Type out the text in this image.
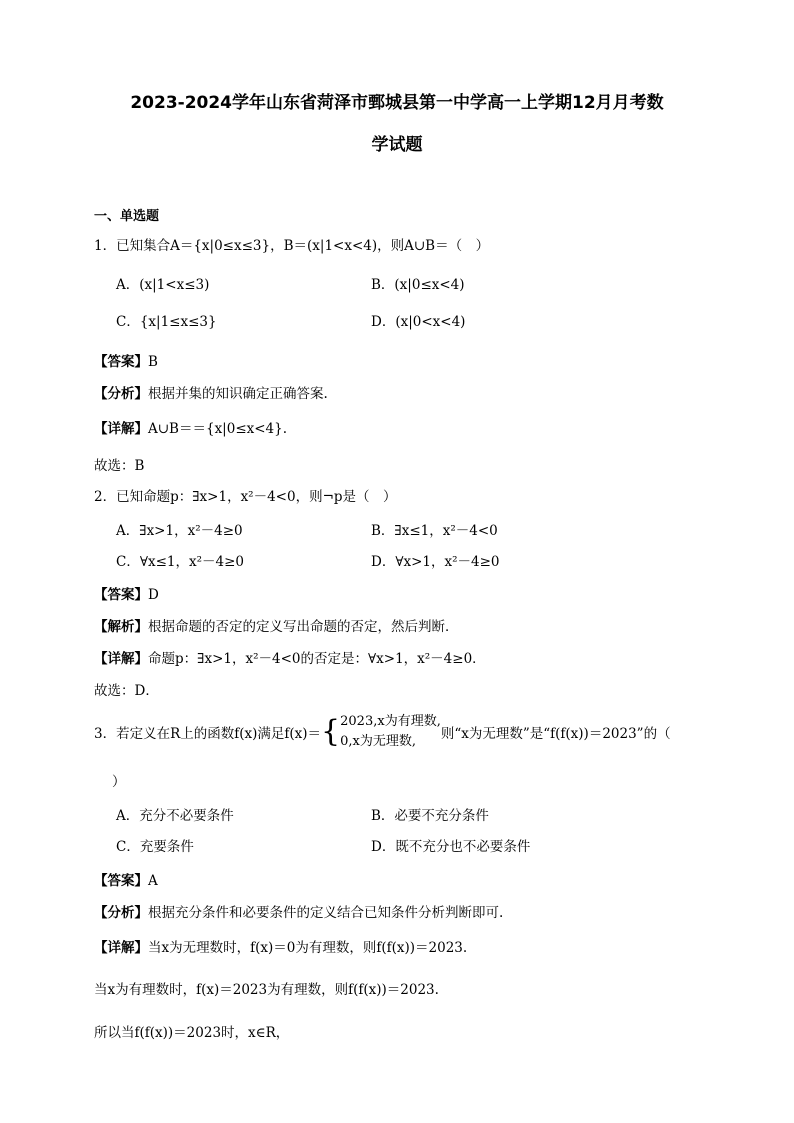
2023-2024学年山东省菏泽市鄄城县第一中学高一上学期12月月考数
学试题
一、单选题
1．已知集合A＝{x|0≤x≤3}，B＝(x|1<x<4)，则A∪B＝（　）
A．(x|1<x≤3)	B．(x|0≤x<4)
C．{x|1≤x≤3}	D．(x|0<x<4)
【答案】B
【分析】根据并集的知识确定正确答案.
【详解】A∪B＝＝{x|0≤x<4}.
故选：B
2．已知命题p：∃x>1，x²－4<0，则¬p是（　）
A．∃x>1，x²－4≥0	B．∃x≤1，x²－4<0
C．∀x≤1，x²－4≥0	D．∀x>1，x²－4≥0
【答案】D
【解析】根据命题的否定的定义写出命题的否定，然后判断．
【详解】命题p：∃x>1，x²－4<0的否定是：∀x>1，x²－4≥0．
故选：D．
3．若定义在R上的函数f(x)满足f(x)＝{ 2023,x为有理数,
0,x为无理数,	则“x为无理数”是“f(f(x))＝2023”的（
）
A．充分不必要条件	B．必要不充分条件
C．充要条件	D．既不充分也不必要条件
【答案】A
【分析】根据充分条件和必要条件的定义结合已知条件分析判断即可.
【详解】当x为无理数时，f(x)＝0为有理数，则f(f(x))＝2023.
当x为有理数时，f(x)＝2023为有理数，则f(f(x))＝2023.
所以当f(f(x))＝2023时，x∈R，
